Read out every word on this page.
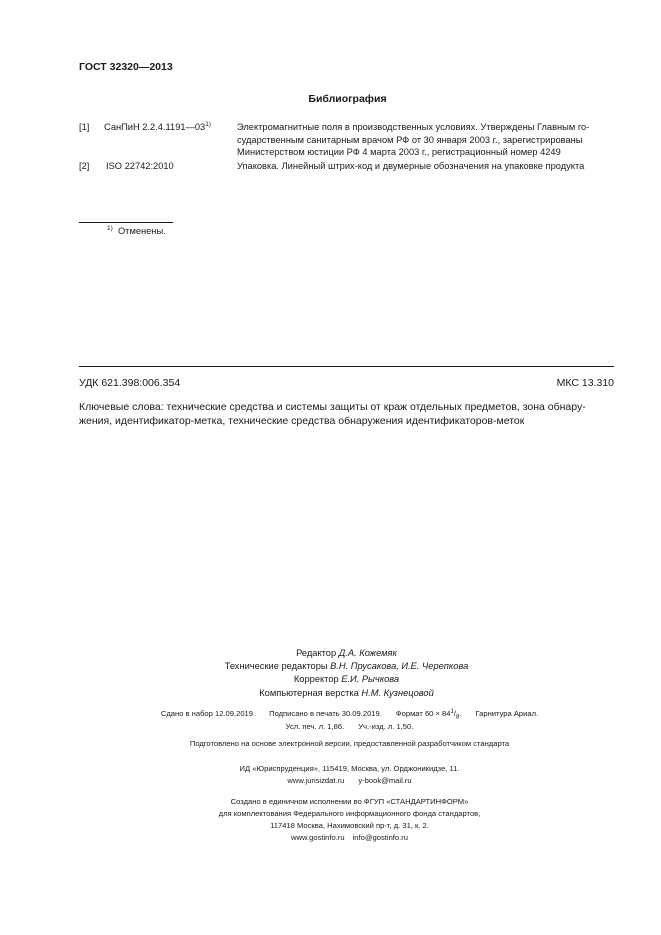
ГОСТ 32320—2013
Библиография
[1] СанПиН 2.2.4.1191—03$^{1)}$	Электромагнитные поля в производственных условиях. Утверждены Главным го-
сударственным санитарным врачом РФ от 30 января 2003 г., зарегистрированы
Министерством юстиции РФ 4 марта 2003 г., регистрационный номер 4249
[2] ISO 22742:2010	Упаковка. Линейный штрих-код и двумерные обозначения на упаковке продукта
$^{1)}$ Отменены.
УДК 621.398:006.354	МКС 13.310
Ключевые слова: технические средства и системы защиты от краж отдельных предметов, зона обнару-
жения, идентификатор-метка, технические средства обнаружения идентификаторов-меток
Редактор Д.А. Кожемяк
Технические редакторы В.Н. Прусакова, И.Е. Черепкова
Корректор Е.И. Рычкова
Компьютерная верстка Н.М. Кузнецовой
Сдано в набор 12.09.2019. Подписано в печать 30.09.2019. Формат $60 \times 84^1/_8$. Гарнитура Ариал.
Усл. печ. л. 1,86. Уч.-изд. л. 1,50.
Подготовлено на основе электронной версии, предоставленной разработчиком стандарта
ИД «Юриспруденция», 115419, Москва, ул. Орджоникидзе, 11.
www.jurisizdat.ru y-book@mail.ru
Создано в единичном исполнении во ФГУП «СТАНДАРТИНФОРМ»
для комплектования Федерального информационного фонда стандартов,
117418 Москва, Нахимовский пр-т, д. 31, к. 2.
www.gostinfo.ru info@gostinfo.ru
